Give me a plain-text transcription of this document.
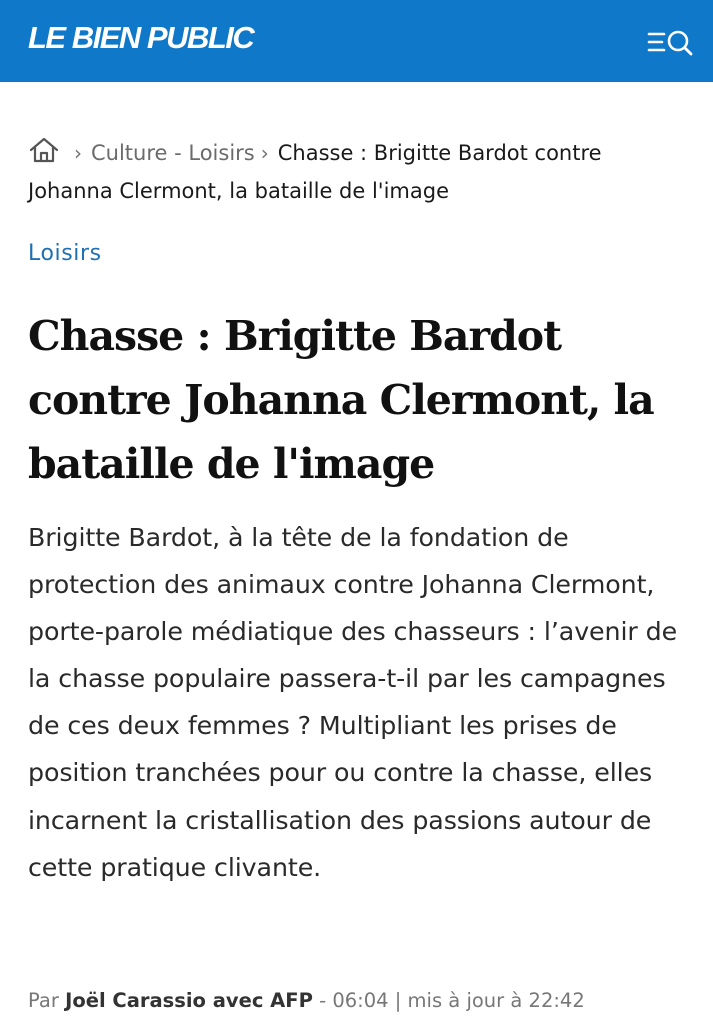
LE BIEN PUBLIC
› Culture - Loisirs › Chasse : Brigitte Bardot contre Johanna Clermont, la bataille de l'image
Loisirs
Chasse : Brigitte Bardot contre Johanna Clermont, la bataille de l'image

Brigitte Bardot, à la tête de la fondation de protection des animaux contre Johanna Clermont, porte-parole médiatique des chasseurs : l’avenir de la chasse populaire passera-t-il par les campagnes de ces deux femmes ? Multipliant les prises de position tranchées pour ou contre la chasse, elles incarnent la cristallisation des passions autour de cette pratique clivante.

Par Joël Carassio avec AFP - 06:04 | mis à jour à 22:42
